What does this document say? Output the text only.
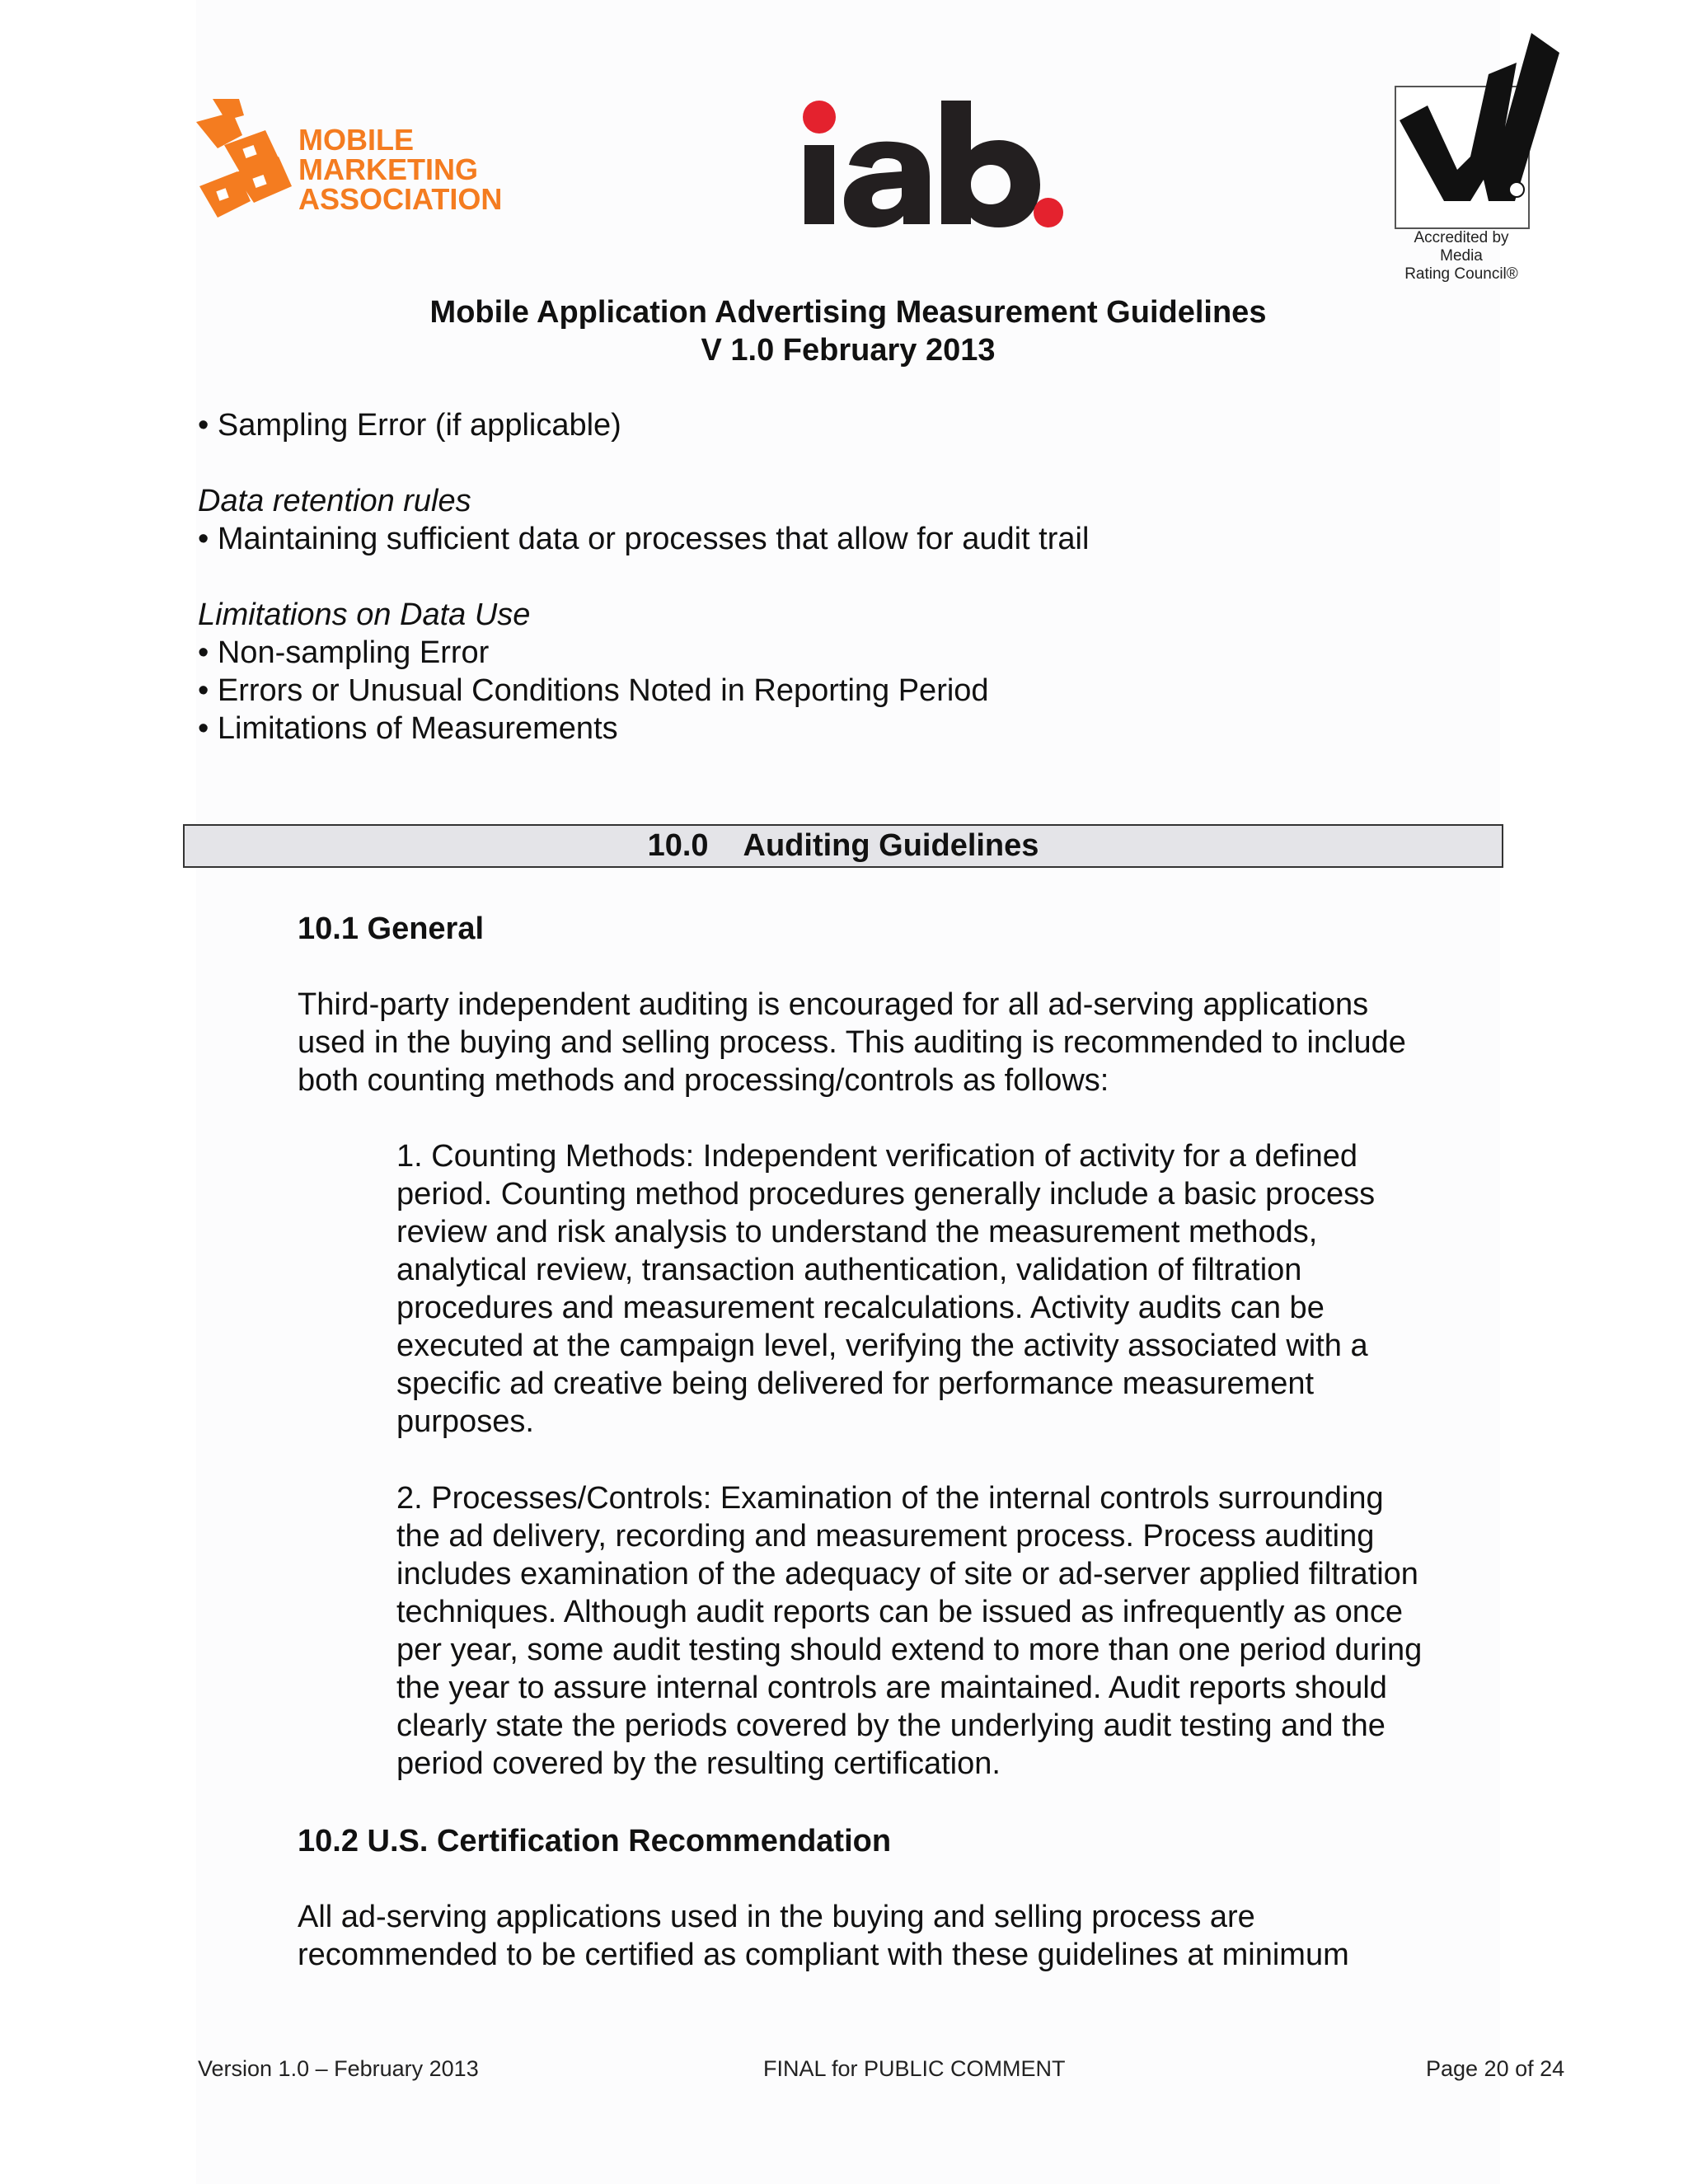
MOBILE
MARKETING
ASSOCIATION
Accredited by
Media
Rating Council®
Mobile Application Advertising Measurement Guidelines
V 1.0 February 2013
• Sampling Error (if applicable)
Data retention rules
• Maintaining sufficient data or processes that allow for audit trail
Limitations on Data Use
• Non-sampling Error
• Errors or Unusual Conditions Noted in Reporting Period
• Limitations of Measurements
10.0 Auditing Guidelines
10.1 General
Third-party independent auditing is encouraged for all ad-serving applications
used in the buying and selling process. This auditing is recommended to include
both counting methods and processing/controls as follows:
1. Counting Methods: Independent verification of activity for a defined
period. Counting method procedures generally include a basic process
review and risk analysis to understand the measurement methods,
analytical review, transaction authentication, validation of filtration
procedures and measurement recalculations. Activity audits can be
executed at the campaign level, verifying the activity associated with a
specific ad creative being delivered for performance measurement
purposes.
2. Processes/Controls: Examination of the internal controls surrounding
the ad delivery, recording and measurement process. Process auditing
includes examination of the adequacy of site or ad-server applied filtration
techniques. Although audit reports can be issued as infrequently as once
per year, some audit testing should extend to more than one period during
the year to assure internal controls are maintained. Audit reports should
clearly state the periods covered by the underlying audit testing and the
period covered by the resulting certification.
10.2 U.S. Certification Recommendation
All ad-serving applications used in the buying and selling process are
recommended to be certified as compliant with these guidelines at minimum
Version 1.0 – February 2013	FINAL for PUBLIC COMMENT	Page 20 of 24
